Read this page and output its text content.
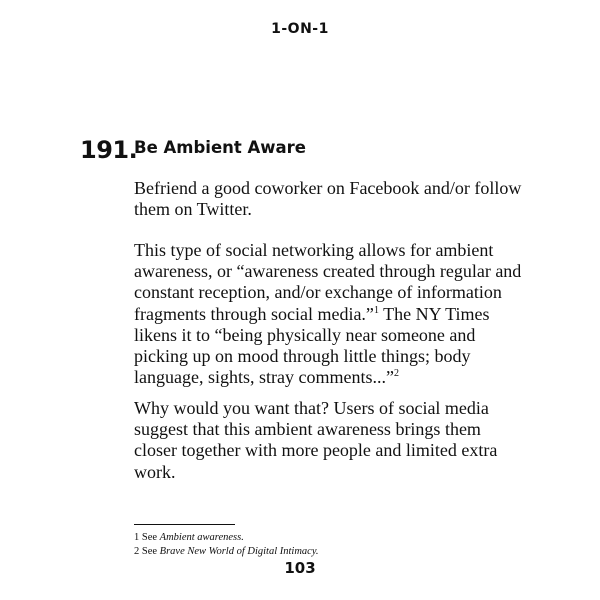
1-ON-1
191.
Be Ambient Aware

Befriend a good coworker on Facebook and/or follow them on Twitter.

This type of social networking allows for ambient awareness, or “awareness created through regular and constant reception, and/or exchange of information fragments through social media.”$^1$ The NY Times likens it to “being physically near someone and picking up on mood through little things; body language, sights, stray comments...”$^2$

Why would you want that? Users of social media suggest that this ambient awareness brings them closer together with more people and limited extra work.

1 See Ambient awareness.
2 See Brave New World of Digital Intimacy.
103
